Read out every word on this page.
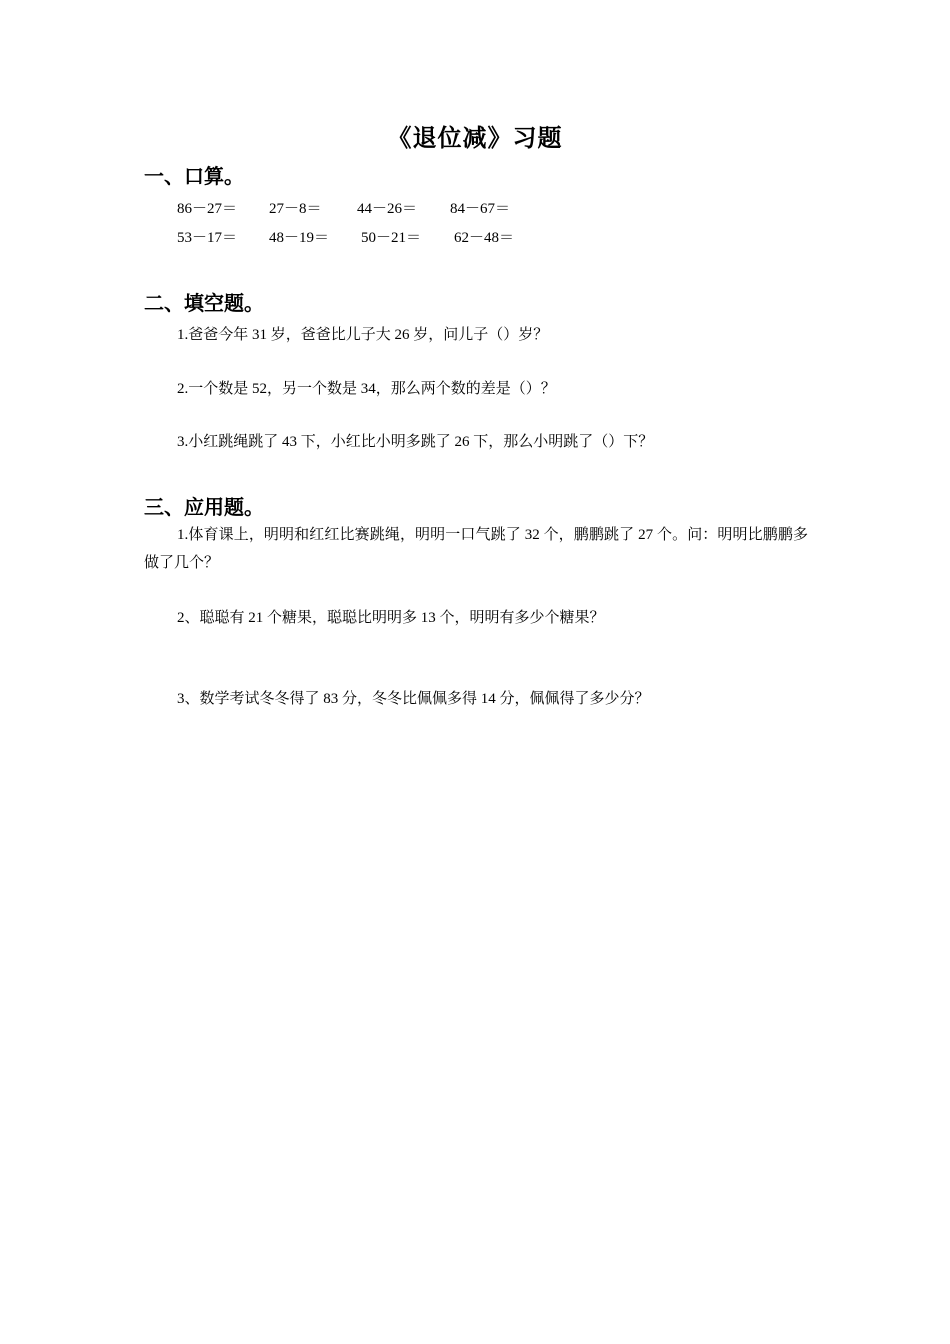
《退位减》习题
一、口算。
86－27＝ 27－8＝ 44－26＝ 84－67＝
53－17＝ 48－19＝ 50－21＝ 62－48＝
二、填空题。
1.爸爸今年 31 岁，爸爸比儿子大 26 岁，问儿子（）岁？
2.一个数是 52，另一个数是 34，那么两个数的差是（）？
3.小红跳绳跳了 43 下，小红比小明多跳了 26 下，那么小明跳了（）下？
三、应用题。
1.体育课上，明明和红红比赛跳绳，明明一口气跳了 32 个，鹏鹏跳了 27 个。问：明明比鹏鹏多做了几个？
2、聪聪有 21 个糖果，聪聪比明明多 13 个，明明有多少个糖果？
3、数学考试冬冬得了 83 分，冬冬比佩佩多得 14 分，佩佩得了多少分？
